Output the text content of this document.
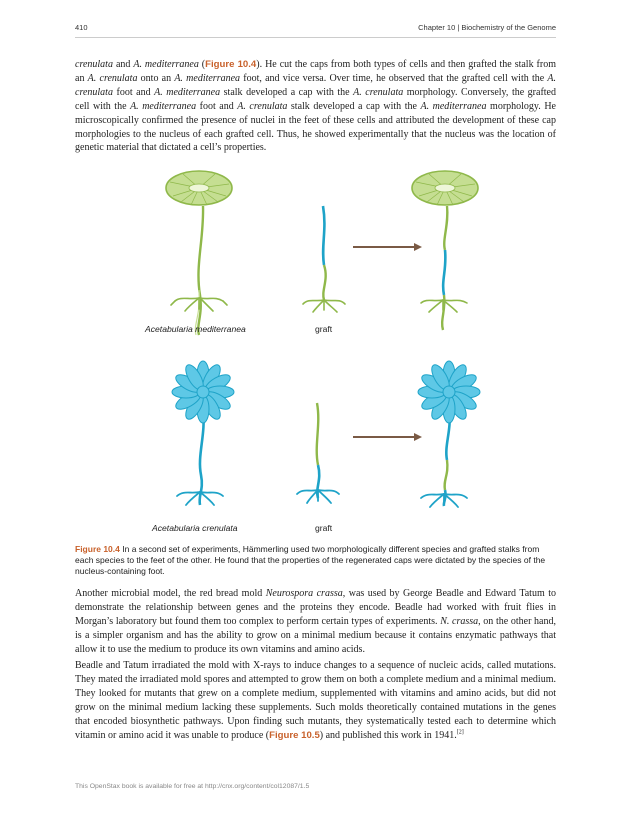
410	Chapter 10 | Biochemistry of the Genome

crenulata and A. mediterranea (Figure 10.4). He cut the caps from both types of cells and then grafted the stalk from an A. crenulata onto an A. mediterranea foot, and vice versa. Over time, he observed that the grafted cell with the A. crenulata foot and A. mediterranea stalk developed a cap with the A. crenulata morphology. Conversely, the grafted cell with the A. mediterranea foot and A. crenulata stalk developed a cap with the A. mediterranea morphology. He microscopically confirmed the presence of nuclei in the feet of these cells and attributed the development of these cap morphologies to the nucleus of each grafted cell. Thus, he showed experimentally that the nucleus was the location of genetic material that dictated a cell’s properties.

Acetabularia mediterranea	graft
Acetabularia crenulata	graft

Figure 10.4 In a second set of experiments, Hämmerling used two morphologically different species and grafted stalks from each species to the feet of the other. He found that the properties of the regenerated caps were dictated by the species of the nucleus-containing foot.

Another microbial model, the red bread mold Neurospora crassa, was used by George Beadle and Edward Tatum to demonstrate the relationship between genes and the proteins they encode. Beadle had worked with fruit flies in Morgan’s laboratory but found them too complex to perform certain types of experiments. N. crassa, on the other hand, is a simpler organism and has the ability to grow on a minimal medium because it contains enzymatic pathways that allow it to use the medium to produce its own vitamins and amino acids.

Beadle and Tatum irradiated the mold with X-rays to induce changes to a sequence of nucleic acids, called mutations. They mated the irradiated mold spores and attempted to grow them on both a complete medium and a minimal medium. They looked for mutants that grew on a complete medium, supplemented with vitamins and amino acids, but did not grow on the minimal medium lacking these supplements. Such molds theoretically contained mutations in the genes that encoded biosynthetic pathways. Upon finding such mutants, they systematically tested each to determine which vitamin or amino acid it was unable to produce (Figure 10.5) and published this work in 1941.[2]

This OpenStax book is available for free at http://cnx.org/content/col12087/1.5
